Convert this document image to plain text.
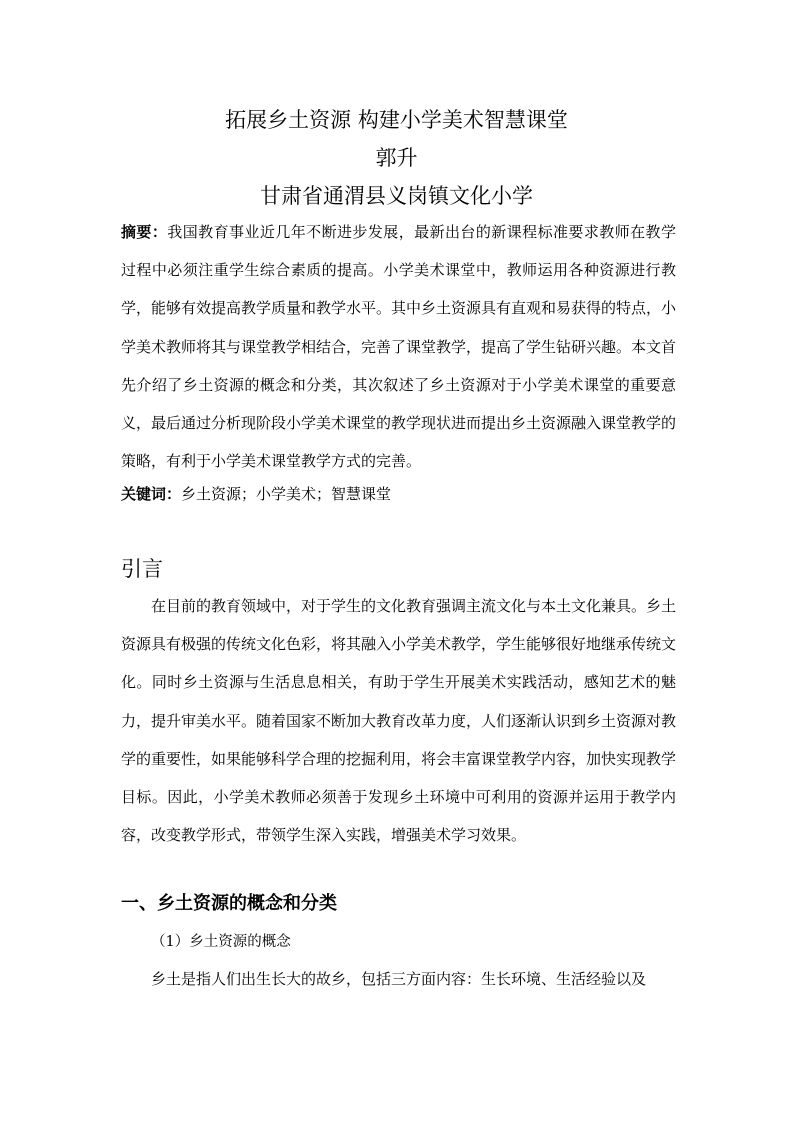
拓展乡土资源 构建小学美术智慧课堂
郭升
甘肃省通渭县义岗镇文化小学
摘要：我国教育事业近几年不断进步发展，最新出台的新课程标准要求教师在教学过程中必须注重学生综合素质的提高。小学美术课堂中，教师运用各种资源进行教学，能够有效提高教学质量和教学水平。其中乡土资源具有直观和易获得的特点，小学美术教师将其与课堂教学相结合，完善了课堂教学，提高了学生钻研兴趣。本文首先介绍了乡土资源的概念和分类，其次叙述了乡土资源对于小学美术课堂的重要意义，最后通过分析现阶段小学美术课堂的教学现状进而提出乡土资源融入课堂教学的策略，有利于小学美术课堂教学方式的完善。
关键词：乡土资源；小学美术；智慧课堂
引言
在目前的教育领域中，对于学生的文化教育强调主流文化与本土文化兼具。乡土资源具有极强的传统文化色彩，将其融入小学美术教学，学生能够很好地继承传统文化。同时乡土资源与生活息息相关，有助于学生开展美术实践活动，感知艺术的魅力，提升审美水平。随着国家不断加大教育改革力度，人们逐渐认识到乡土资源对教学的重要性，如果能够科学合理的挖掘利用，将会丰富课堂教学内容，加快实现教学目标。因此，小学美术教师必须善于发现乡土环境中可利用的资源并运用于教学内容，改变教学形式，带领学生深入实践，增强美术学习效果。
一、乡土资源的概念和分类
（1）乡土资源的概念
乡土是指人们出生长大的故乡，包括三方面内容：生长环境、生活经验以及
